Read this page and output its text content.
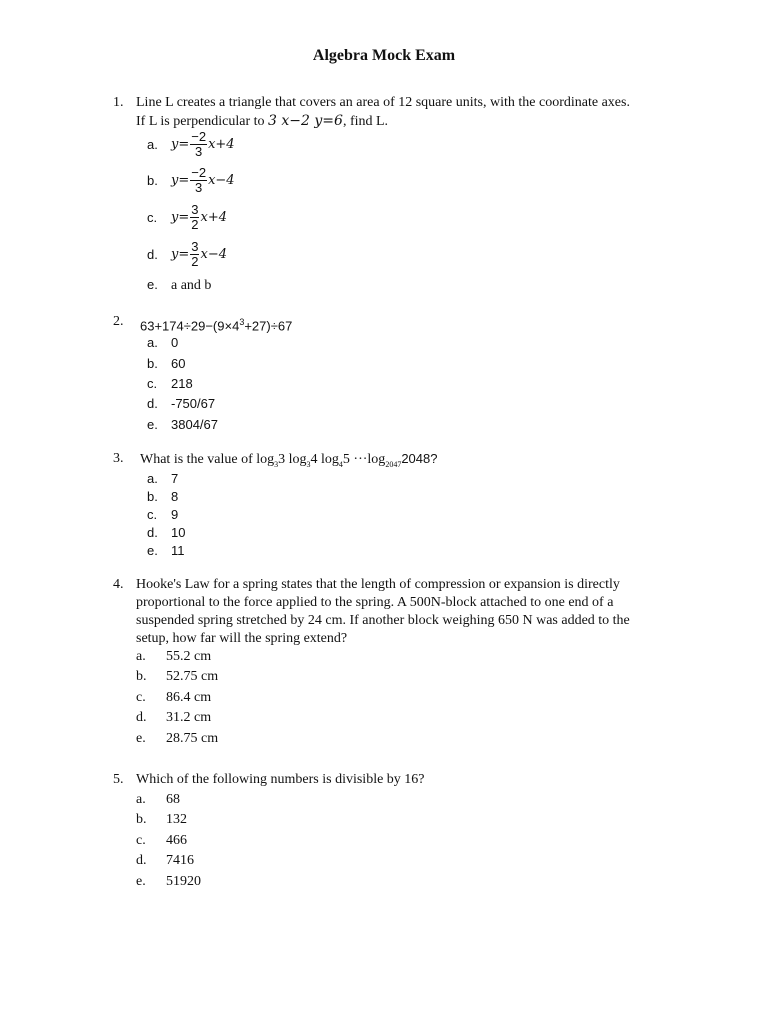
Algebra Mock Exam
1. Line L creates a triangle that covers an area of 12 square units, with the coordinate axes.
If L is perpendicular to 3 x−2 y=6, find L.
a.	$y= \frac{-2}{3} x+4$
b.	$y= \frac{-2}{3} x-4$
c.	$y= \frac{3}{2} x+4$
d.	$y= \frac{3}{2} x-4$
e. a and b
2. $63+174\div 29-(9\times 4^3+27)\div 67$
a. 0
b. 60
c. 218
d. -750/67
e. 3804/67
3. What is the value of $\log_33$ $\log_34$ $\log_45 \cdot\cdot\cdot\log_{2047}2048$?
a. 7
b. 8
c. 9
d. 10
e. 11
4. Hooke's Law for a spring states that the length of compression or expansion is directly
proportional to the force applied to the spring. A 500N-block attached to one end of a
suspended spring stretched by 24 cm. If another block weighing 650 N was added to the
setup, how far will the spring extend?
a. 55.2 cm
b. 52.75 cm
c. 86.4 cm
d. 31.2 cm
e. 28.75 cm
5. Which of the following numbers is divisible by 16?
a. 68
b. 132
c. 466
d. 7416
e. 51920
